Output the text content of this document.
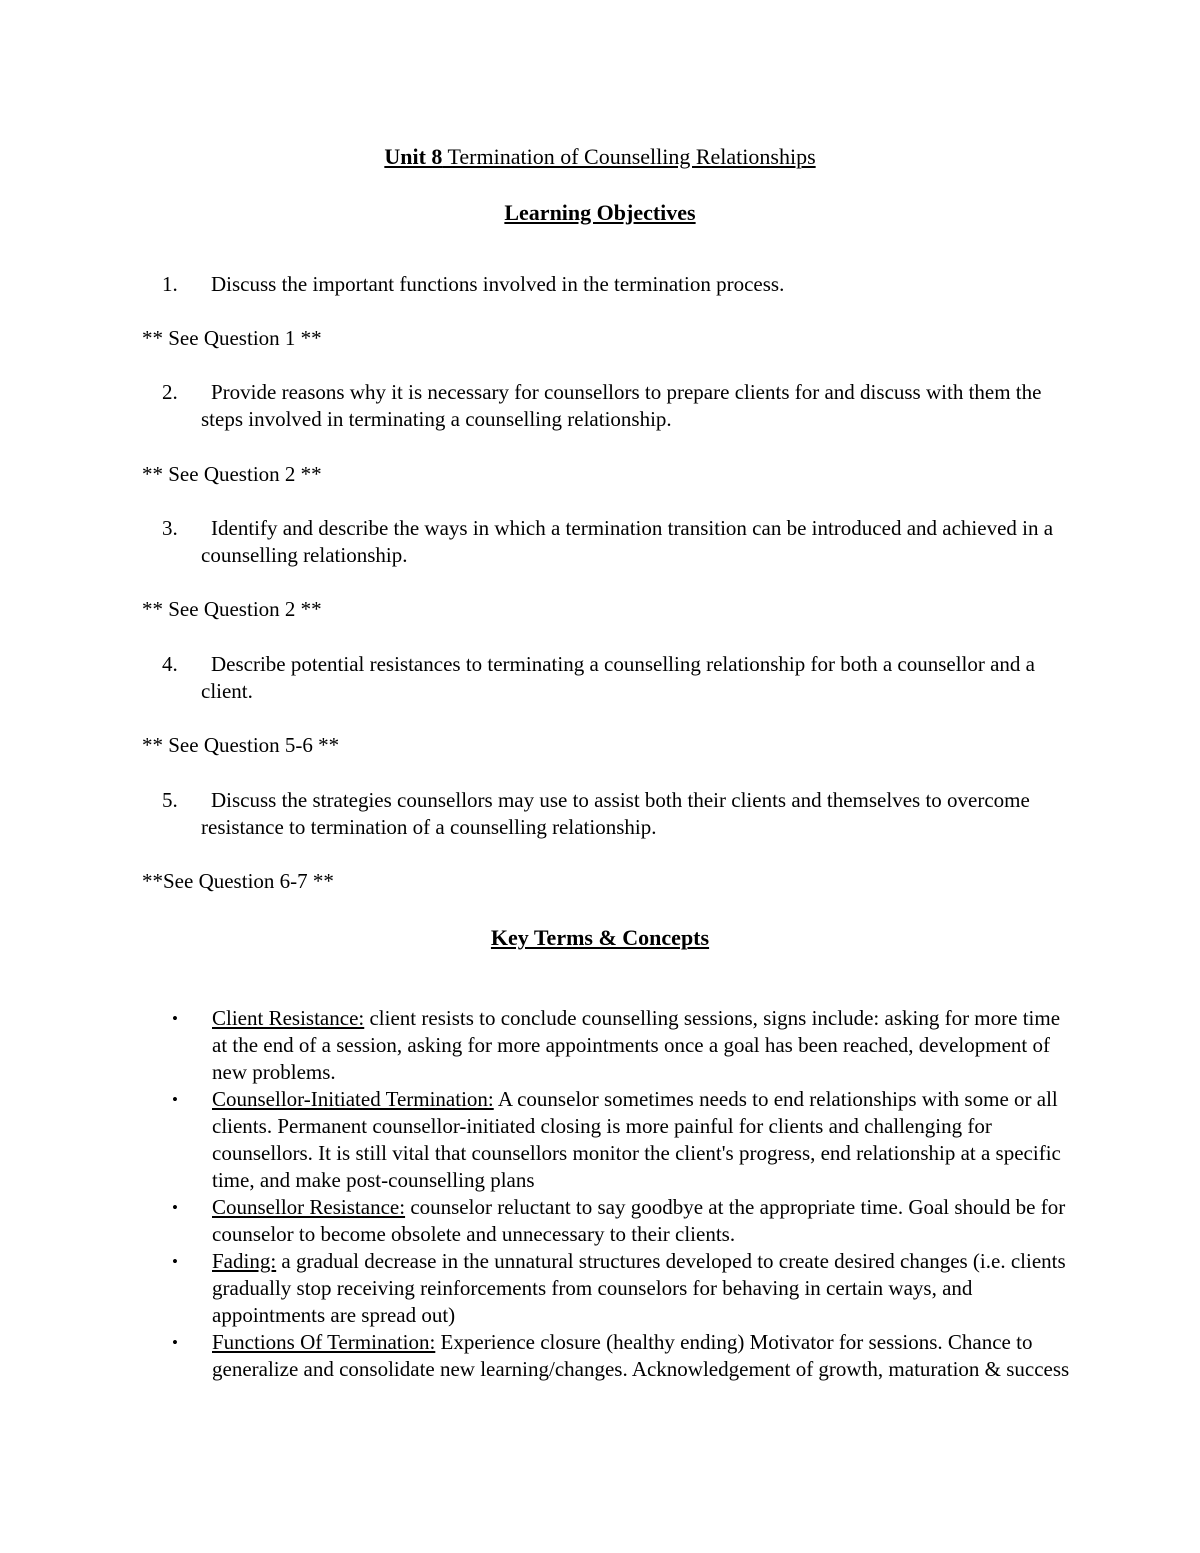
Unit 8 Termination of Counselling Relationships
Learning Objectives
1.	Discuss the important functions involved in the termination process.
** See Question 1 **
2.	Provide reasons why it is necessary for counsellors to prepare clients for and discuss with them the steps involved in terminating a counselling relationship.
** See Question 2 **
3.	Identify and describe the ways in which a termination transition can be introduced and achieved in a counselling relationship.
** See Question 2 **
4.	Describe potential resistances to terminating a counselling relationship for both a counsellor and a client.
** See Question 5-6 **
5.	Discuss the strategies counsellors may use to assist both their clients and themselves to overcome resistance to termination of a counselling relationship.
**See Question 6-7 **
Key Terms & Concepts
• Client Resistance: client resists to conclude counselling sessions, signs include: asking for more time at the end of a session, asking for more appointments once a goal has been reached, development of new problems.
• Counsellor-Initiated Termination: A counselor sometimes needs to end relationships with some or all clients. Permanent counsellor-initiated closing is more painful for clients and challenging for counsellors. It is still vital that counsellors monitor the client's progress, end relationship at a specific time, and make post-counselling plans
• Counsellor Resistance: counselor reluctant to say goodbye at the appropriate time. Goal should be for counselor to become obsolete and unnecessary to their clients.
• Fading: a gradual decrease in the unnatural structures developed to create desired changes (i.e. clients gradually stop receiving reinforcements from counselors for behaving in certain ways, and appointments are spread out)
• Functions Of Termination: Experience closure (healthy ending) Motivator for sessions. Chance to generalize and consolidate new learning/changes. Acknowledgement of growth, maturation & success
